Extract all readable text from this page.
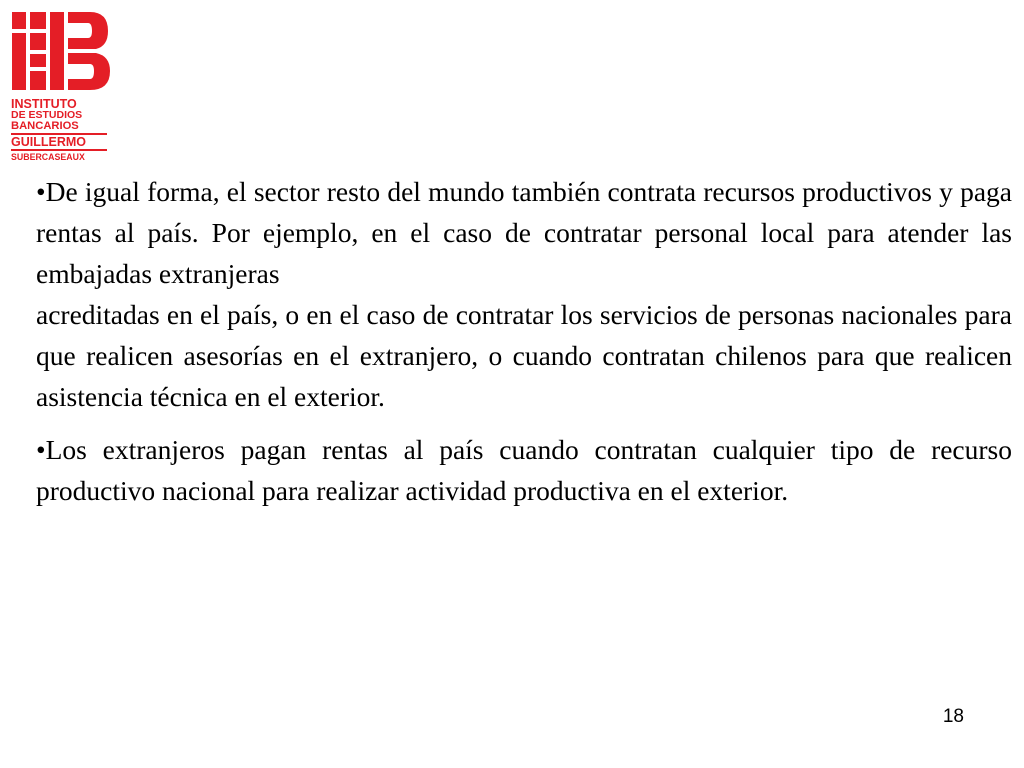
INSTITUTO
DE ESTUDIOS
BANCARIOS
GUILLERMO
SUBERCASEAUX

•De igual forma, el sector resto del mundo también contrata recursos productivos y paga rentas al país. Por ejemplo, en el caso de contratar personal local para atender las embajadas extranjeras
acreditadas en el país, o en el caso de contratar los servicios de personas nacionales para que realicen asesorías en el extranjero, o cuando contratan chilenos para que realicen asistencia técnica en el exterior.

•Los extranjeros pagan rentas al país cuando contratan cualquier tipo de recurso productivo nacional para realizar actividad productiva en el exterior.

18
